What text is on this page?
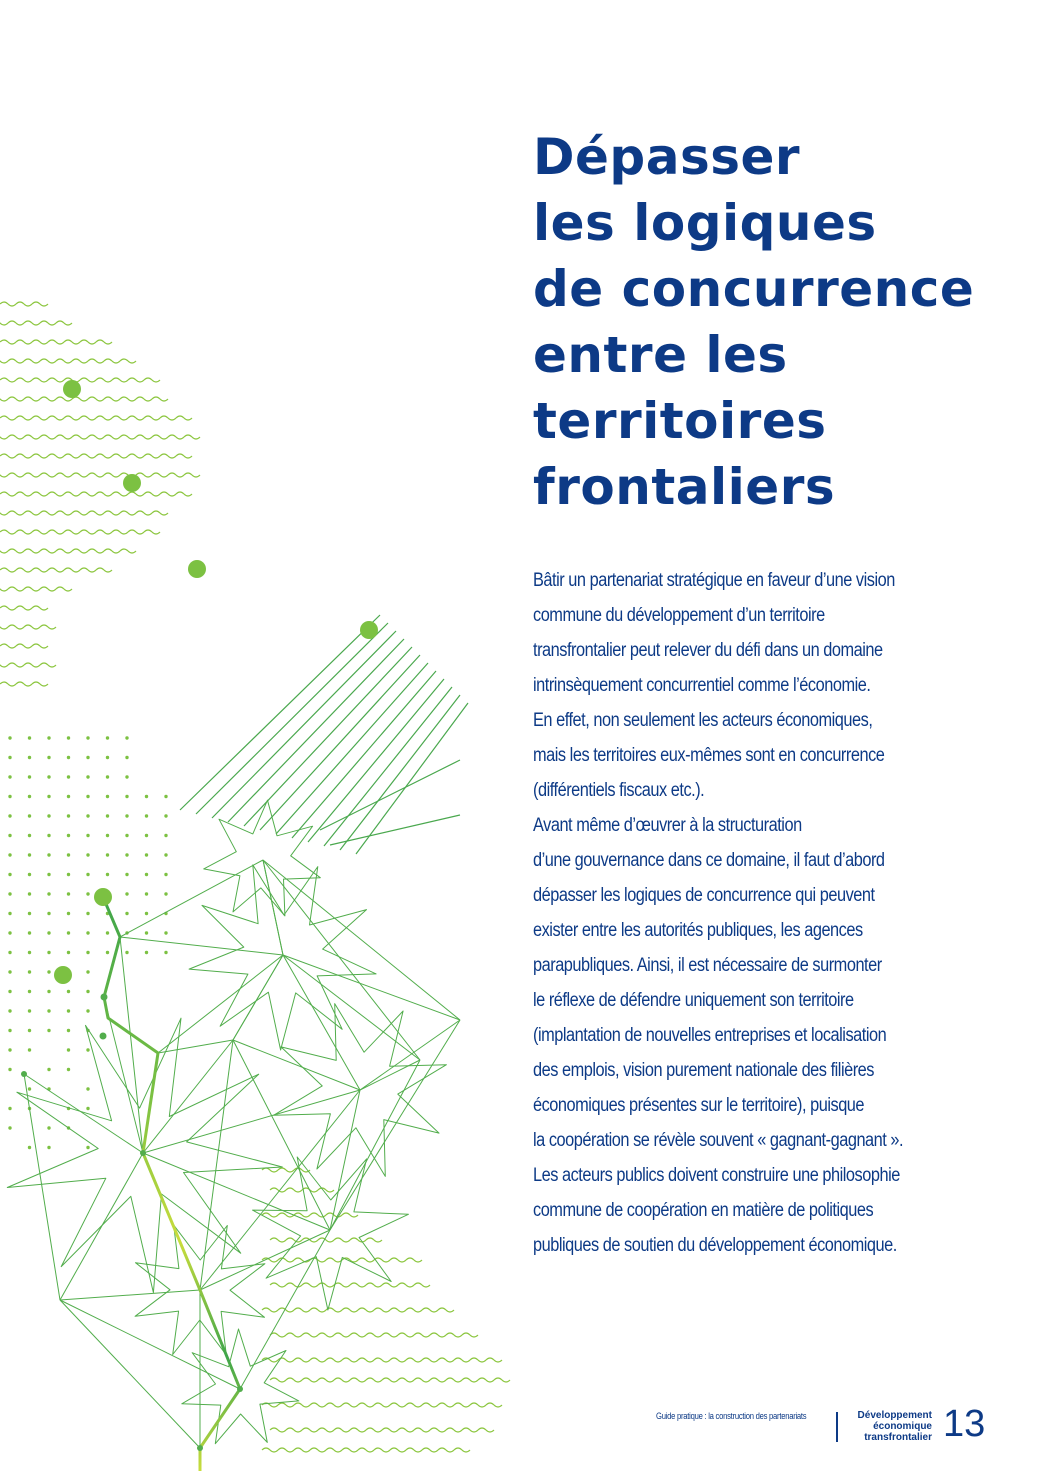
Dépasser
les logiques
de concurrence
entre les
territoires
frontaliers
Bâtir un partenariat stratégique en faveur d’une vision
commune du développement d’un territoire
transfrontalier peut relever du défi dans un domaine
intrinsèquement concurrentiel comme l’économie.
En effet, non seulement les acteurs économiques,
mais les territoires eux-mêmes sont en concurrence
(différentiels fiscaux etc.).
Avant même d’œuvrer à la structuration
d’une gouvernance dans ce domaine, il faut d’abord
dépasser les logiques de concurrence qui peuvent
exister entre les autorités publiques, les agences
parapubliques. Ainsi, il est nécessaire de surmonter
le réflexe de défendre uniquement son territoire
(implantation de nouvelles entreprises et localisation
des emplois, vision purement nationale des filières
économiques présentes sur le territoire), puisque
la coopération se révèle souvent « gagnant-gagnant ».
Les acteurs publics doivent construire une philosophie
commune de coopération en matière de politiques
publiques de soutien du développement économique.
Guide pratique : la construction des partenariats	Développement
économique
transfrontalier 13
